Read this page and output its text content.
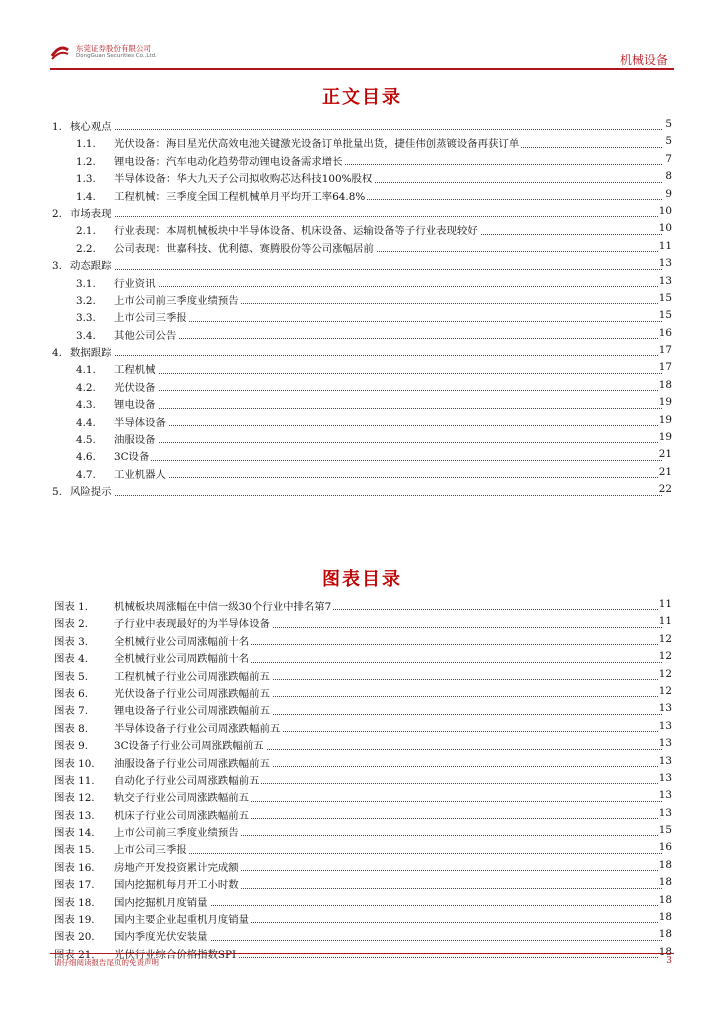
东莞证券股份有限公司
DongGuan Securities Co.,Ltd.	机械设备
正文目录
1. 核心观点	5
1.1. 光伏设备：海目星光伏高效电池关键激光设备订单批量出货，捷佳伟创蒸镀设备再获订单	5
1.2. 锂电设备：汽车电动化趋势带动锂电设备需求增长	7
1.3. 半导体设备：华大九天子公司拟收购芯达科技100%股权	8
1.4. 工程机械：三季度全国工程机械单月平均开工率64.8%	9
2. 市场表现	10
2.1. 行业表现：本周机械板块中半导体设备、机床设备、运输设备等子行业表现较好	10
2.2. 公司表现：世嘉科技、优利德、赛腾股份等公司涨幅居前	11
3. 动态跟踪	13
3.1. 行业资讯	13
3.2. 上市公司前三季度业绩预告	15
3.3. 上市公司三季报	15
3.4. 其他公司公告	16
4. 数据跟踪	17
4.1. 工程机械	17
4.2. 光伏设备	18
4.3. 锂电设备	19
4.4. 半导体设备	19
4.5. 油服设备	19
4.6. 3C设备	21
4.7. 工业机器人	21
5. 风险提示	22
图表目录
图表 1.	机械板块周涨幅在中信一级30个行业中排名第7	11
图表 2.	子行业中表现最好的为半导体设备	11
图表 3.	全机械行业公司周涨幅前十名	12
图表 4.	全机械行业公司周跌幅前十名	12
图表 5.	工程机械子行业公司周涨跌幅前五	12
图表 6.	光伏设备子行业公司周涨跌幅前五	12
图表 7.	锂电设备子行业公司周涨跌幅前五	13
图表 8.	半导体设备子行业公司周涨跌幅前五	13
图表 9.	3C设备子行业公司周涨跌幅前五	13
图表 10. 油服设备子行业公司周涨跌幅前五	13
图表 11. 自动化子行业公司周涨跌幅前五	13
图表 12. 轨交子行业公司周涨跌幅前五	13
图表 13. 机床子行业公司周涨跌幅前五	13
图表 14. 上市公司前三季度业绩预告	15
图表 15. 上市公司三季报	16
图表 16. 房地产开发投资累计完成额	18
图表 17. 国内挖掘机每月开工小时数	18
图表 18. 国内挖掘机月度销量	18
图表 19. 国内主要企业起重机月度销量	18
图表 20. 国内季度光伏安装量	18
图表 21. 光伏行业综合价格指数SPI	18
请仔细阅读报告尾页的免责声明	3
